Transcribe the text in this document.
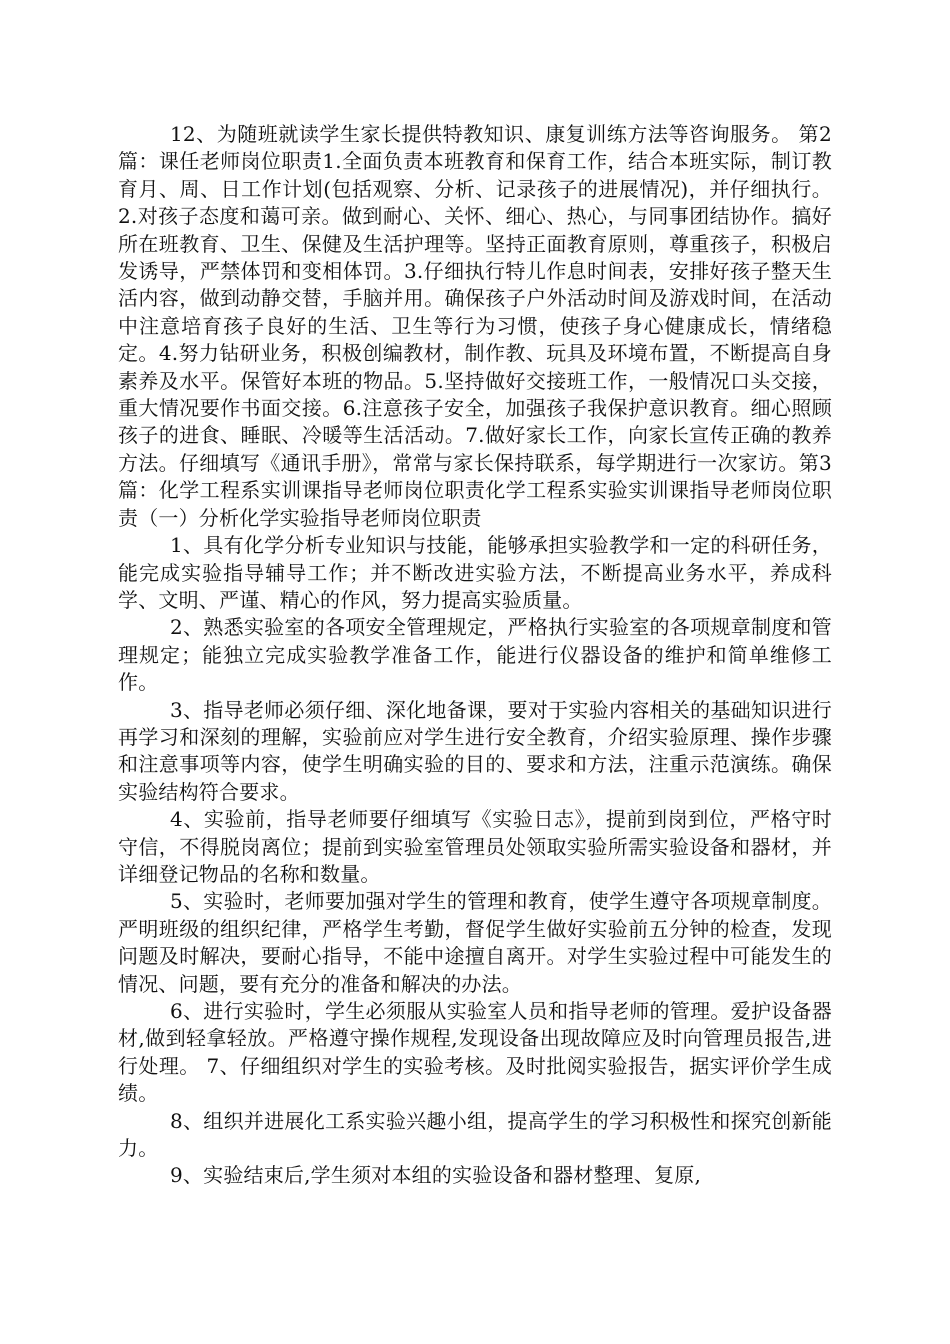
12、为随班就读学生家长提供特教知识、康复训练方法等咨询服务。 第2篇：课任老师岗位职责1.全面负责本班教育和保育工作，结合本班实际，制订教育月、周、日工作计划(包括观察、分析、记录孩子的进展情况)，并仔细执行。2.对孩子态度和蔼可亲。做到耐心、关怀、细心、热心，与同事团结协作。搞好所在班教育、卫生、保健及生活护理等。坚持正面教育原则，尊重孩子，积极启发诱导，严禁体罚和变相体罚。3.仔细执行特儿作息时间表，安排好孩子整天生活内容，做到动静交替，手脑并用。确保孩子户外活动时间及游戏时间，在活动中注意培育孩子良好的生活、卫生等行为习惯，使孩子身心健康成长，情绪稳定。4.努力钻研业务，积极创编教材，制作教、玩具及环境布置，不断提高自身素养及水平。保管好本班的物品。5.坚持做好交接班工作，一般情况口头交接，重大情况要作书面交接。6.注意孩子安全，加强孩子我保护意识教育。细心照顾孩子的进食、睡眠、冷暖等生活活动。7.做好家长工作，向家长宣传正确的教养方法。仔细填写《通讯手册》，常常与家长保持联系，每学期进行一次家访。第3篇：化学工程系实训课指导老师岗位职责化学工程系实验实训课指导老师岗位职责（一）分析化学实验指导老师岗位职责

1、具有化学分析专业知识与技能，能够承担实验教学和一定的科研任务，能完成实验指导辅导工作；并不断改进实验方法，不断提高业务水平，养成科学、文明、严谨、精心的作风，努力提高实验质量。

2、熟悉实验室的各项安全管理规定，严格执行实验室的各项规章制度和管理规定；能独立完成实验教学准备工作，能进行仪器设备的维护和简单维修工作。

3、指导老师必须仔细、深化地备课，要对于实验内容相关的基础知识进行再学习和深刻的理解，实验前应对学生进行安全教育，介绍实验原理、操作步骤和注意事项等内容，使学生明确实验的目的、要求和方法，注重示范演练。确保实验结构符合要求。

4、实验前，指导老师要仔细填写《实验日志》，提前到岗到位，严格守时守信，不得脱岗离位；提前到实验室管理员处领取实验所需实验设备和器材，并详细登记物品的名称和数量。

5、实验时，老师要加强对学生的管理和教育，使学生遵守各项规章制度。严明班级的组织纪律，严格学生考勤，督促学生做好实验前五分钟的检查，发现问题及时解决，要耐心指导，不能中途擅自离开。对学生实验过程中可能发生的情况、问题，要有充分的准备和解决的办法。

6、进行实验时，学生必须服从实验室人员和指导老师的管理。爱护设备器材,做到轻拿轻放。严格遵守操作规程,发现设备出现故障应及时向管理员报告,进行处理。 7、仔细组织对学生的实验考核。及时批阅实验报告，据实评价学生成绩。

8、组织并进展化工系实验兴趣小组，提高学生的学习积极性和探究创新能力。

9、实验结束后,学生须对本组的实验设备和器材整理、复原,
